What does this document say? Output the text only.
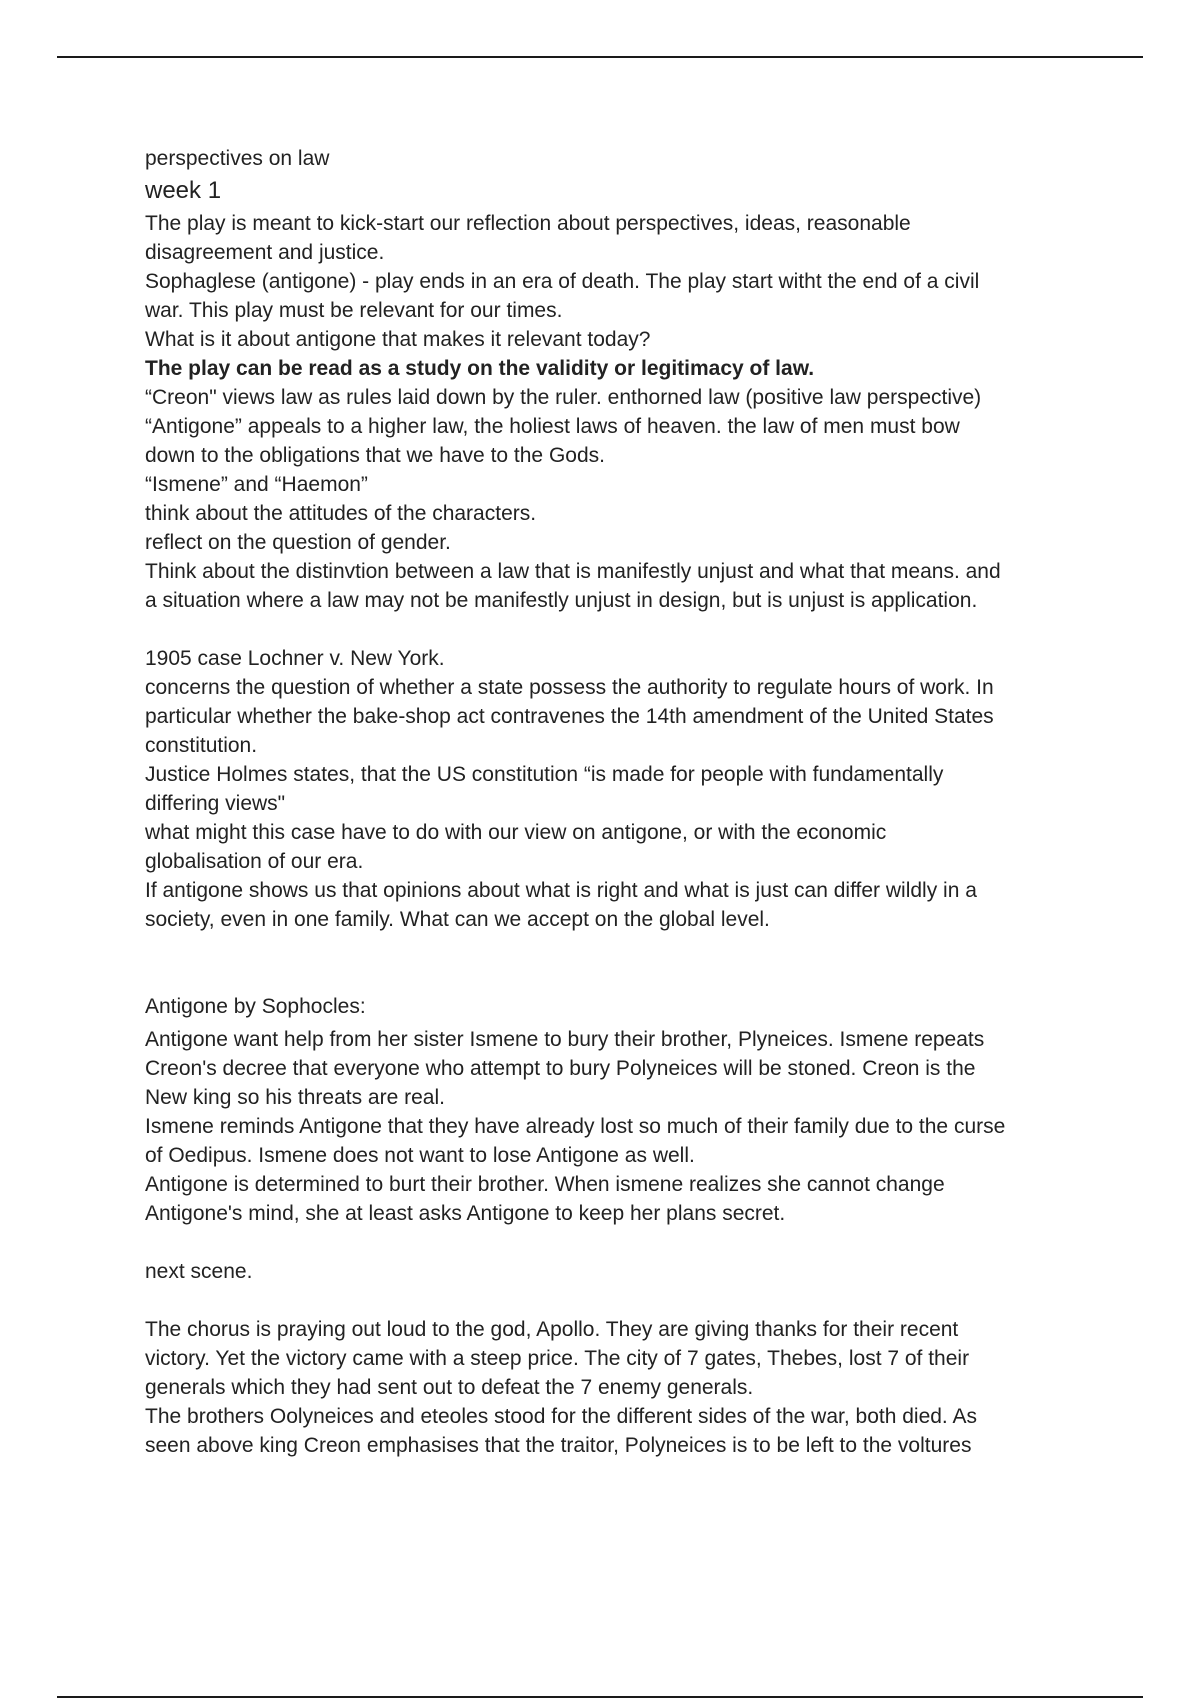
perspectives on law

week 1

The play is meant to kick-start our reflection about perspectives, ideas, reasonable

disagreement and justice.

Sophaglese (antigone) - play ends in an era of death. The play start witht the end of a civil

war. This play must be relevant for our times.

What is it about antigone that makes it relevant today?

The play can be read as a study on the validity or legitimacy of law.

“Creon" views law as rules laid down by the ruler. enthorned law (positive law perspective)

“Antigone” appeals to a higher law, the holiest laws of heaven. the law of men must bow

down to the obligations that we have to the Gods.

“Ismene” and “Haemon”

think about the attitudes of the characters.

reflect on the question of gender.

Think about the distinvtion between a law that is manifestly unjust and what that means. and

a situation where a law may not be manifestly unjust in design, but is unjust is application.

1905 case Lochner v. New York.

concerns the question of whether a state possess the authority to regulate hours of work. In

particular whether the bake-shop act contravenes the 14th amendment of the United States

constitution.

Justice Holmes states, that the US constitution “is made for people with fundamentally

differing views"

what might this case have to do with our view on antigone, or with the economic

globalisation of our era.

If antigone shows us that opinions about what is right and what is just can differ wildly in a

society, even in one family. What can we accept on the global level.

Antigone by Sophocles:

Antigone want help from her sister Ismene to bury their brother, Plyneices. Ismene repeats

Creon's decree that everyone who attempt to bury Polyneices will be stoned. Creon is the

New king so his threats are real.

Ismene reminds Antigone that they have already lost so much of their family due to the curse

of Oedipus. Ismene does not want to lose Antigone as well.

Antigone is determined to burt their brother. When ismene realizes she cannot change

Antigone's mind, she at least asks Antigone to keep her plans secret.

next scene.

The chorus is praying out loud to the god, Apollo. They are giving thanks for their recent

victory. Yet the victory came with a steep price. The city of 7 gates, Thebes, lost 7 of their

generals which they had sent out to defeat the 7 enemy generals.

The brothers Oolyneices and eteoles stood for the different sides of the war, both died. As

seen above king Creon emphasises that the traitor, Polyneices is to be left to the voltures
